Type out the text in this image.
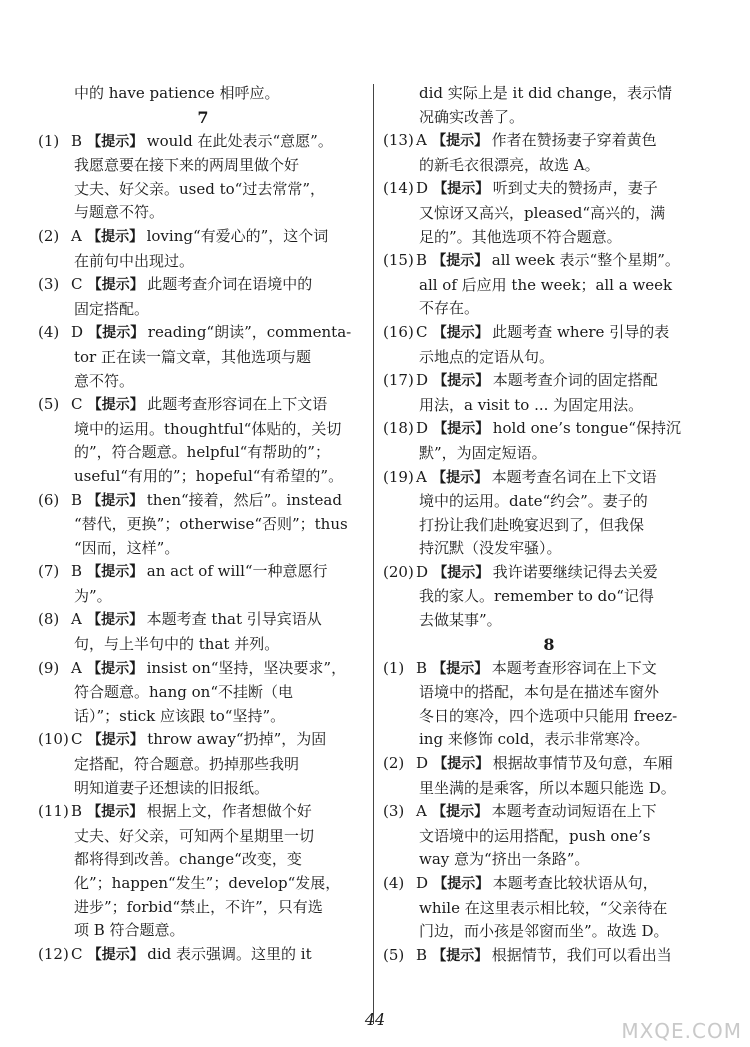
中的 have patience 相呼应。
7
(1) B 【提示】 would 在此处表示“意愿”。
我愿意要在接下来的两周里做个好
丈夫、好父亲。used to“过去常常”，
与题意不符。
(2) A 【提示】 loving“有爱心的”，这个词
在前句中出现过。
(3) C 【提示】 此题考查介词在语境中的
固定搭配。
(4) D 【提示】 reading“朗读”，commenta-
tor 正在读一篇文章，其他选项与题
意不符。
(5) C 【提示】 此题考查形容词在上下文语
境中的运用。thoughtful“体贴的，关切
的”，符合题意。helpful“有帮助的”；
useful“有用的”；hopeful“有希望的”。
(6) B 【提示】 then“接着，然后”。instead
“替代，更换”；otherwise“否则”；thus
“因而，这样”。
(7) B 【提示】 an act of will“一种意愿行
为”。
(8) A 【提示】 本题考查 that 引导宾语从
句，与上半句中的 that 并列。
(9) A 【提示】 insist on“坚持，坚决要求”，
符合题意。hang on“不挂断（电
话）”；stick 应该跟 to“坚持”。
(10) C 【提示】 throw away“扔掉”，为固
定搭配，符合题意。扔掉那些我明
明知道妻子还想读的旧报纸。
(11) B 【提示】 根据上文，作者想做个好
丈夫、好父亲，可知两个星期里一切
都将得到改善。change“改变，变
化”；happen“发生”；develop“发展，
进步”；forbid“禁止，不许”，只有选
项 B 符合题意。
(12) C 【提示】 did 表示强调。这里的 it
did 实际上是 it did change，表示情
况确实改善了。
(13) A 【提示】 作者在赞扬妻子穿着黄色
的新毛衣很漂亮，故选 A。
(14) D 【提示】 听到丈夫的赞扬声，妻子
又惊讶又高兴，pleased“高兴的，满
足的”。其他选项不符合题意。
(15) B 【提示】 all week 表示“整个星期”。
all of 后应用 the week；all a week
不存在。
(16) C 【提示】 此题考查 where 引导的表
示地点的定语从句。
(17) D 【提示】 本题考查介词的固定搭配
用法，a visit to ... 为固定用法。
(18) D 【提示】 hold one’s tongue“保持沉
默”，为固定短语。
(19) A 【提示】 本题考查名词在上下文语
境中的运用。date“约会”。妻子的
打扮让我们赴晚宴迟到了，但我保
持沉默（没发牢骚）。
(20) D 【提示】 我许诺要继续记得去关爱
我的家人。remember to do“记得
去做某事”。
8
(1) B 【提示】 本题考查形容词在上下文
语境中的搭配，本句是在描述车窗外
冬日的寒冷，四个选项中只能用 freez-
ing 来修饰 cold，表示非常寒冷。
(2) D 【提示】 根据故事情节及句意，车厢
里坐满的是乘客，所以本题只能选 D。
(3) A 【提示】 本题考查动词短语在上下
文语境中的运用搭配，push one’s
way 意为“挤出一条路”。
(4) D 【提示】 本题考查比较状语从句，
while 在这里表示相比较，“父亲待在
门边，而小孩是邻窗而坐”。故选 D。
(5) B 【提示】 根据情节，我们可以看出当
44	MXQE.COM
